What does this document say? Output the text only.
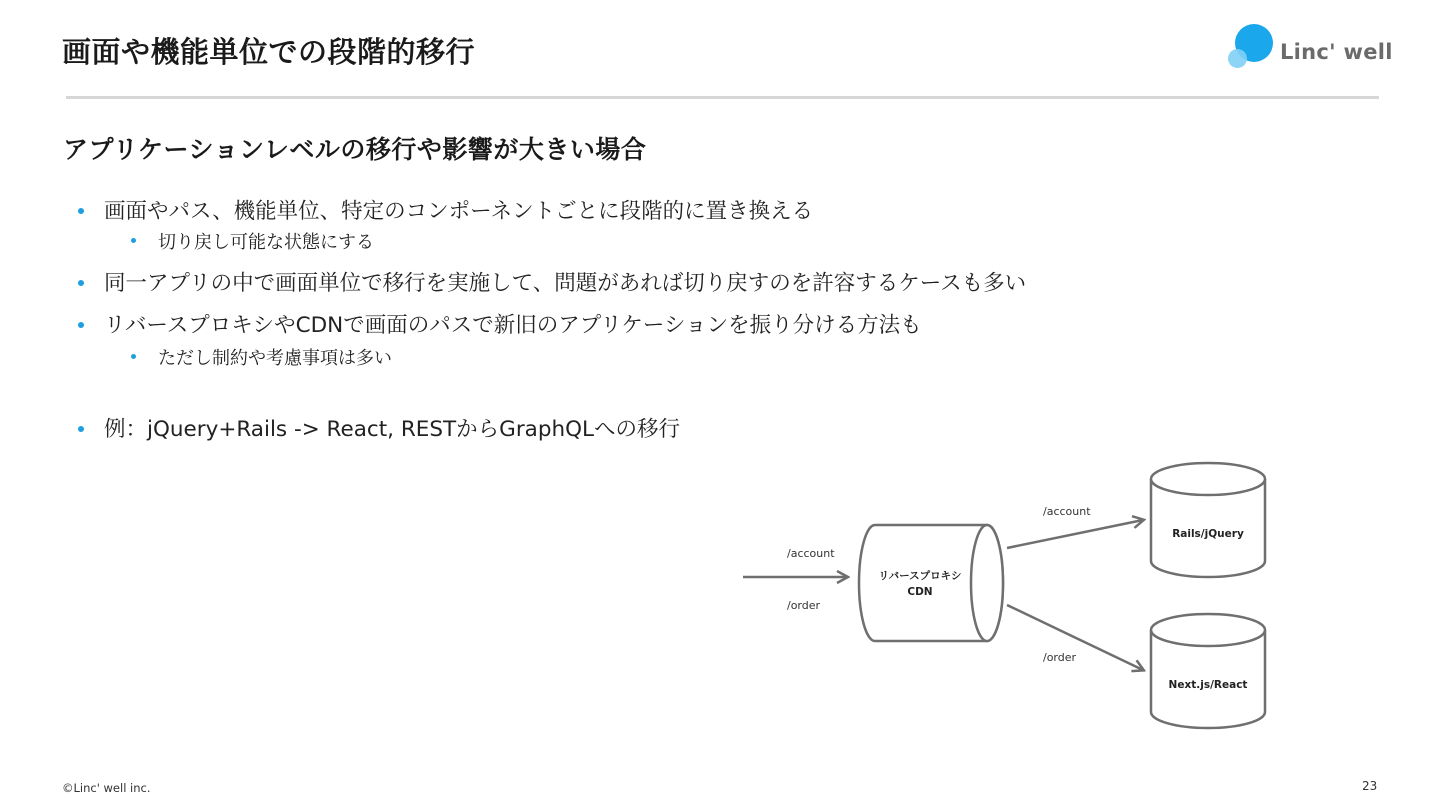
画面や機能単位での段階的移行	Linc' well
アプリケーションレベルの移行や影響が大きい場合
画面やパス、機能単位、特定のコンポーネントごとに段階的に置き換える
切り戻し可能な状態にする
同一アプリの中で画面単位で移行を実施して、問題があれば切り戻すのを許容するケースも多い
リバースプロキシやCDNで画面のパスで新旧のアプリケーションを振り分ける方法も
ただし制約や考慮事項は多い
例：jQuery+Rails -> React, RESTからGraphQLへの移行
/account
/order
リバースプロキシ
CDN
/account
/order
Rails/jQuery
Next.js/React
©Linc' well inc.	23
